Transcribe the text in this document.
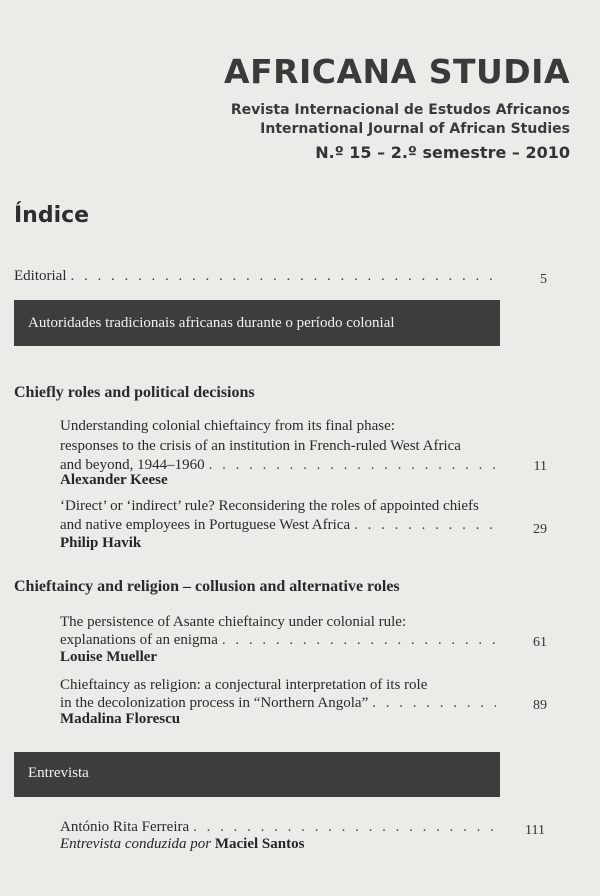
AFRICANA STUDIA
Revista Internacional de Estudos Africanos
International Journal of African Studies
N.º 15 – 2.º semestre – 2010
Índice
Editorial . . .	5
Autoridades tradicionais africanas durante o período colonial
Chiefly roles and political decisions
Understanding colonial chieftaincy from its final phase:
responses to the crisis of an institution in French-ruled West Africa
and beyond, 1944–1960 . . .	11
Alexander Keese
‘Direct’ or ‘indirect’ rule? Reconsidering the roles of appointed chiefs
and native employees in Portuguese West Africa . . .	29
Philip Havik
Chieftaincy and religion – collusion and alternative roles
The persistence of Asante chieftaincy under colonial rule:
explanations of an enigma . . .	61
Louise Mueller
Chieftaincy as religion: a conjectural interpretation of its role
in the decolonization process in “Northern Angola” . . .	89
Madalina Florescu
Entrevista
António Rita Ferreira . . .	111
Entrevista conduzida por Maciel Santos
